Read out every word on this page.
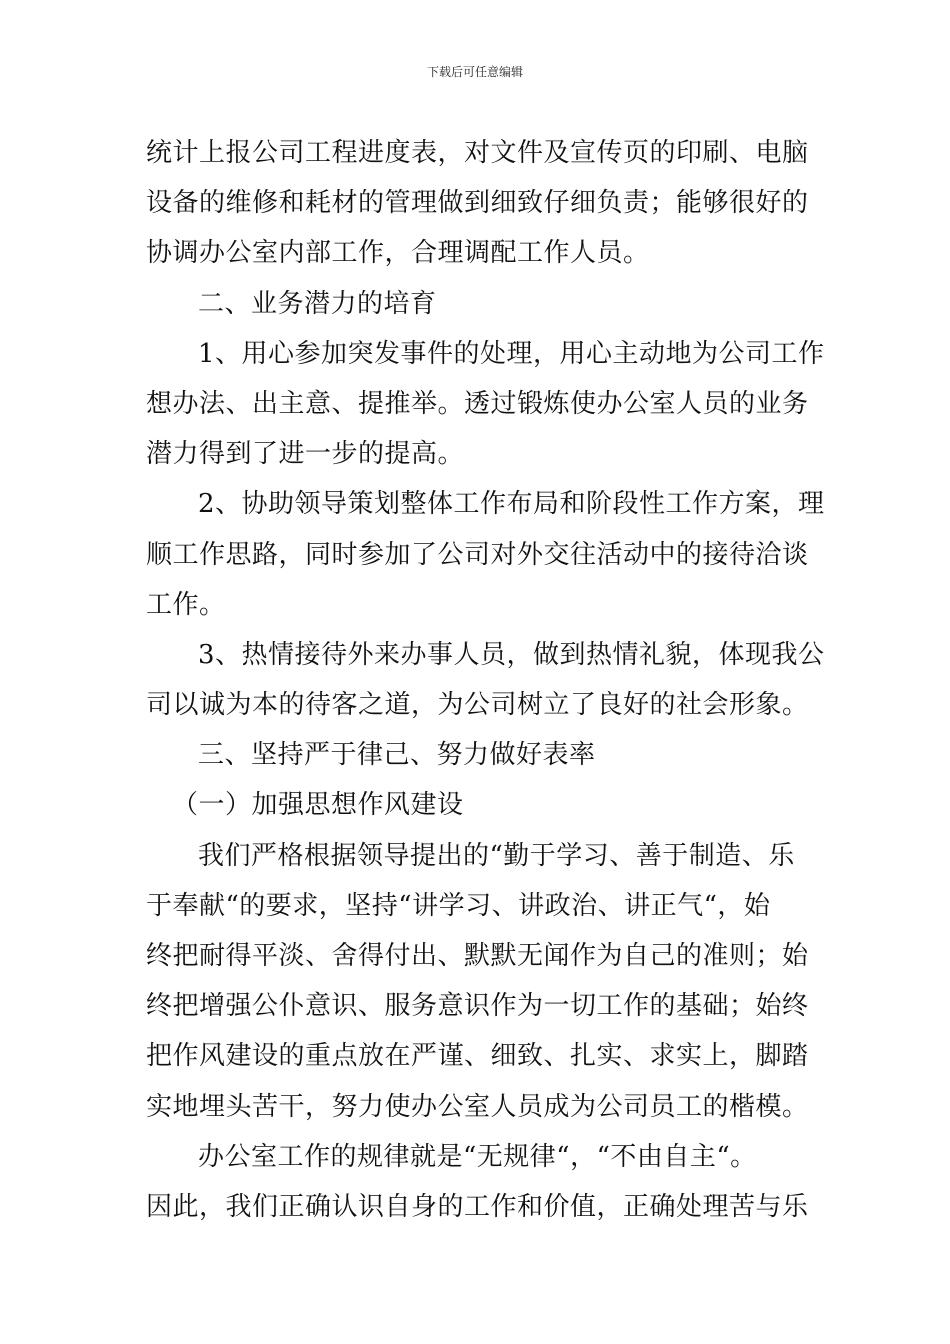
下载后可任意编辑
统计上报公司工程进度表，对文件及宣传页的印刷、电脑
设备的维修和耗材的管理做到细致仔细负责；能够很好的
协调办公室内部工作，合理调配工作人员。
二、业务潜力的培育
1、用心参加突发事件的处理，用心主动地为公司工作
想办法、出主意、提推举。透过锻炼使办公室人员的业务
潜力得到了进一步的提高。
2、协助领导策划整体工作布局和阶段性工作方案，理
顺工作思路，同时参加了公司对外交往活动中的接待洽谈
工作。
3、热情接待外来办事人员，做到热情礼貌，体现我公
司以诚为本的待客之道，为公司树立了良好的社会形象。
三、坚持严于律己、努力做好表率
（一）加强思想作风建设
我们严格根据领导提出的“勤于学习、善于制造、乐
于奉献“的要求，坚持“讲学习、讲政治、讲正气“，始
终把耐得平淡、舍得付出、默默无闻作为自己的准则；始
终把增强公仆意识、服务意识作为一切工作的基础；始终
把作风建设的重点放在严谨、细致、扎实、求实上，脚踏
实地埋头苦干，努力使办公室人员成为公司员工的楷模。
办公室工作的规律就是“无规律“，“不由自主“。
因此，我们正确认识自身的工作和价值，正确处理苦与乐
